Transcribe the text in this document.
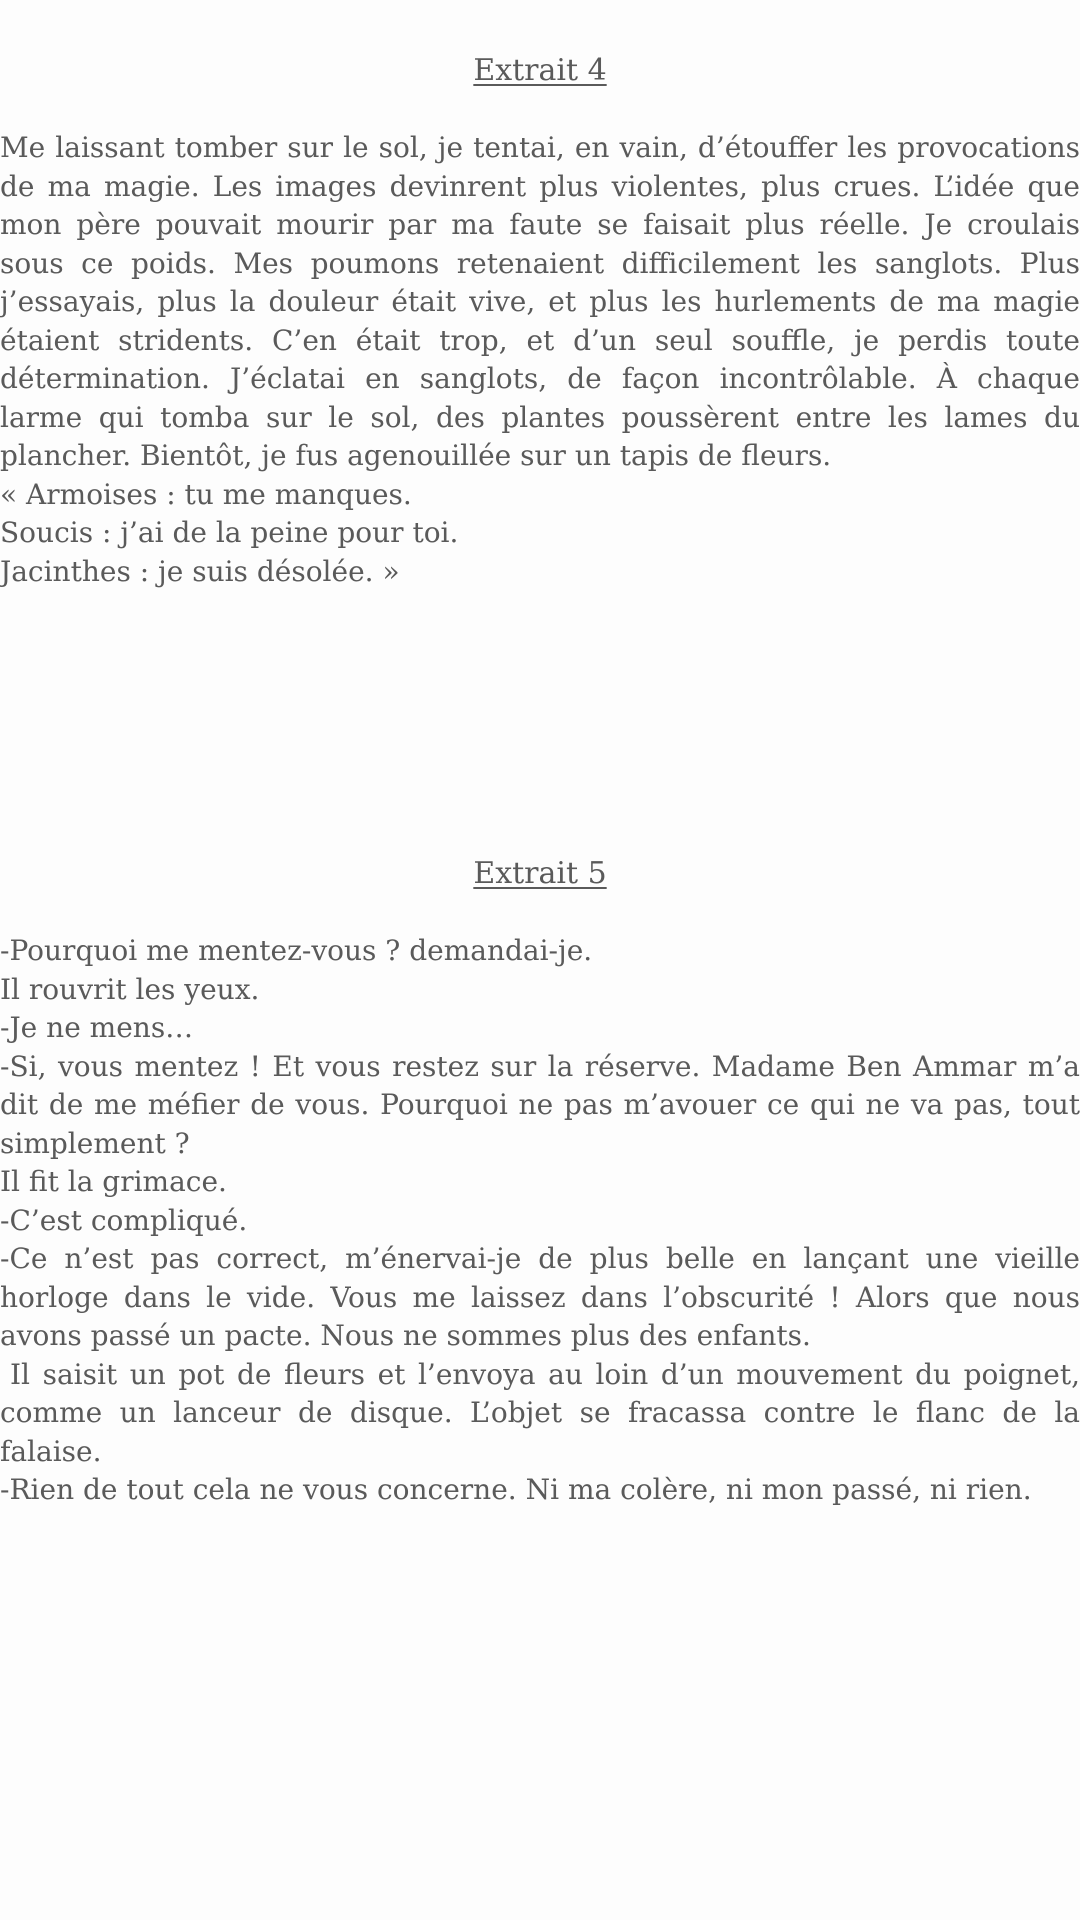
Extrait 4

Me laissant tomber sur le sol, je tentai, en vain, d’étouffer les provocations de ma magie. Les images devinrent plus violentes, plus crues. L’idée que mon père pouvait mourir par ma faute se faisait plus réelle. Je croulais sous ce poids. Mes poumons retenaient difficilement les sanglots. Plus j’essayais, plus la douleur était vive, et plus les hurlements de ma magie étaient stridents. C’en était trop, et d’un seul souffle, je perdis toute détermination. J’éclatai en sanglots, de façon incontrôlable. À chaque larme qui tomba sur le sol, des plantes poussèrent entre les lames du plancher. Bientôt, je fus agenouillée sur un tapis de fleurs.

« Armoises : tu me manques.

Soucis : j’ai de la peine pour toi.

Jacinthes : je suis désolée. »

Extrait 5

-Pourquoi me mentez-vous ? demandai-je.

Il rouvrit les yeux.

-Je ne mens…

-Si, vous mentez ! Et vous restez sur la réserve. Madame Ben Ammar m’a dit de me méfier de vous. Pourquoi ne pas m’avouer ce qui ne va pas, tout simplement ?

Il fit la grimace.

-C’est compliqué.

-Ce n’est pas correct, m’énervai-je de plus belle en lançant une vieille horloge dans le vide. Vous me laissez dans l’obscurité ! Alors que nous avons passé un pacte. Nous ne sommes plus des enfants.

Il saisit un pot de fleurs et l’envoya au loin d’un mouvement du poignet, comme un lanceur de disque. L’objet se fracassa contre le flanc de la falaise.

-Rien de tout cela ne vous concerne. Ni ma colère, ni mon passé, ni rien.
